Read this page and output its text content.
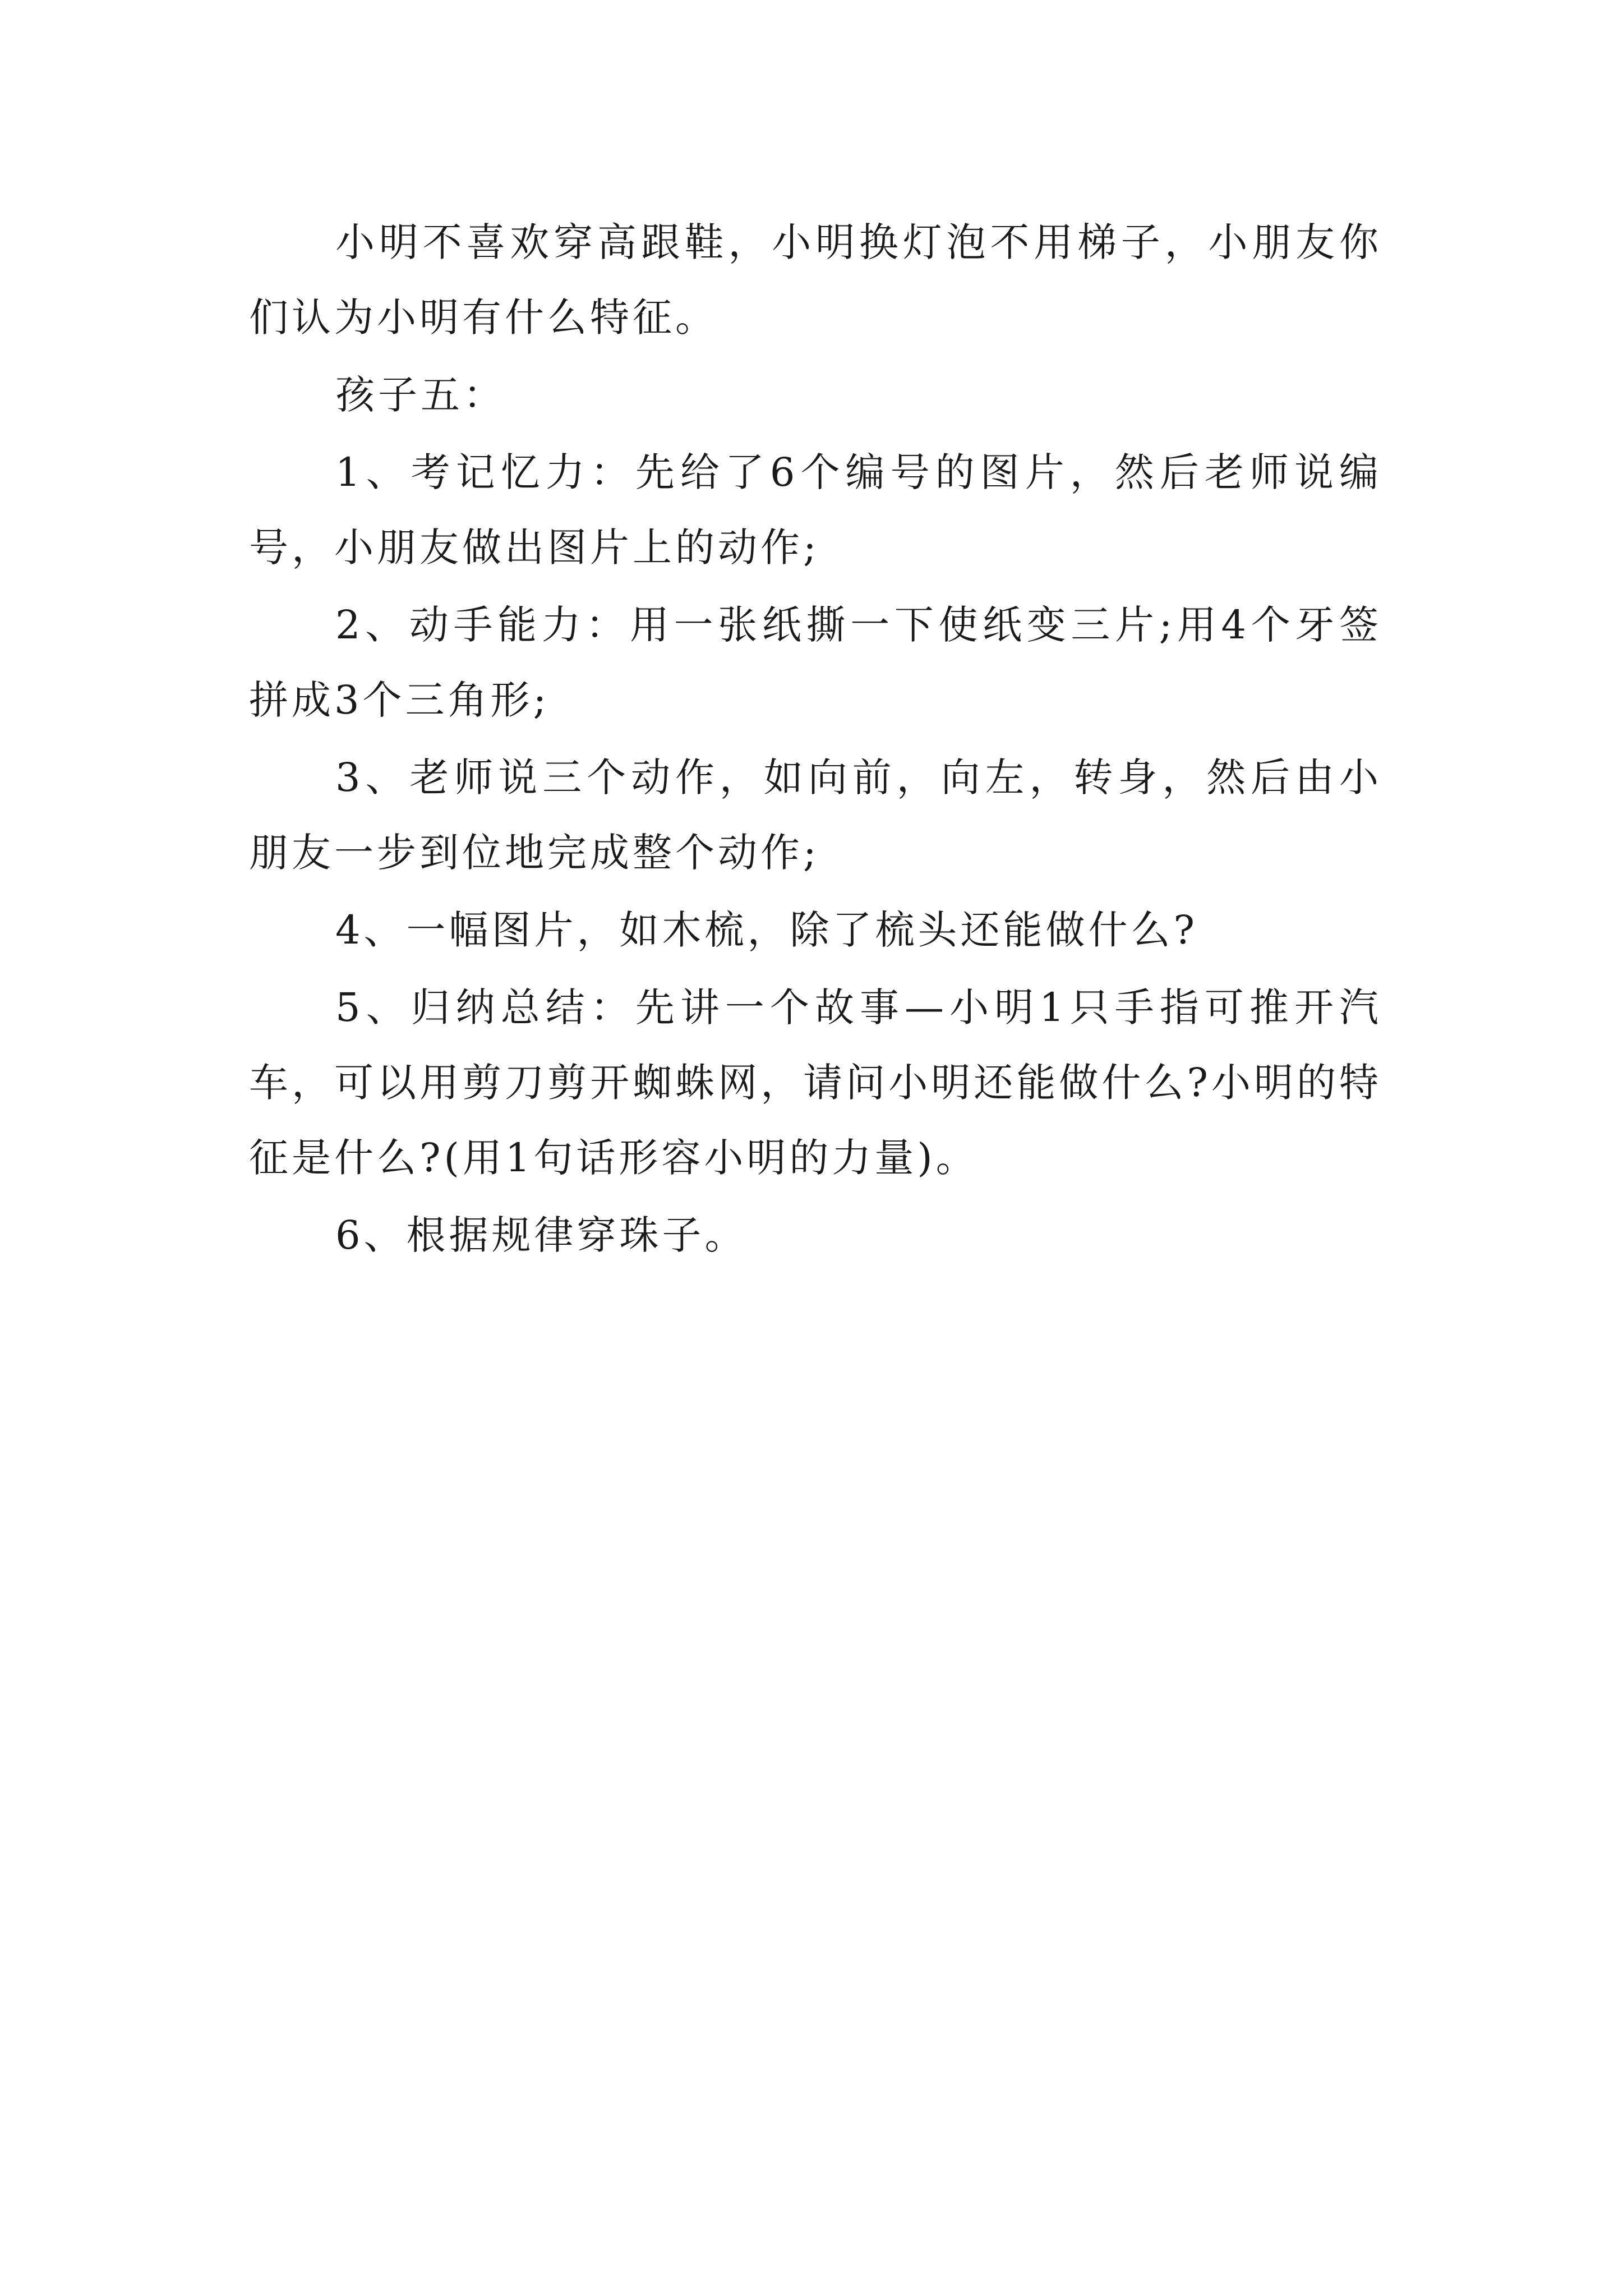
小明不喜欢穿高跟鞋，小明换灯泡不用梯子，小朋友你们认为小明有什么特征。

孩子五：

1、考记忆力：先给了6个编号的图片，然后老师说编号，小朋友做出图片上的动作;

2、动手能力：用一张纸撕一下使纸变三片;用4个牙签拼成3个三角形;

3、老师说三个动作，如向前，向左，转身，然后由小朋友一步到位地完成整个动作;

4、一幅图片，如木梳，除了梳头还能做什么?

5、归纳总结：先讲一个故事—小明1只手指可推开汽车，可以用剪刀剪开蜘蛛网，请问小明还能做什么?小明的特征是什么?(用1句话形容小明的力量)。

6、根据规律穿珠子。
